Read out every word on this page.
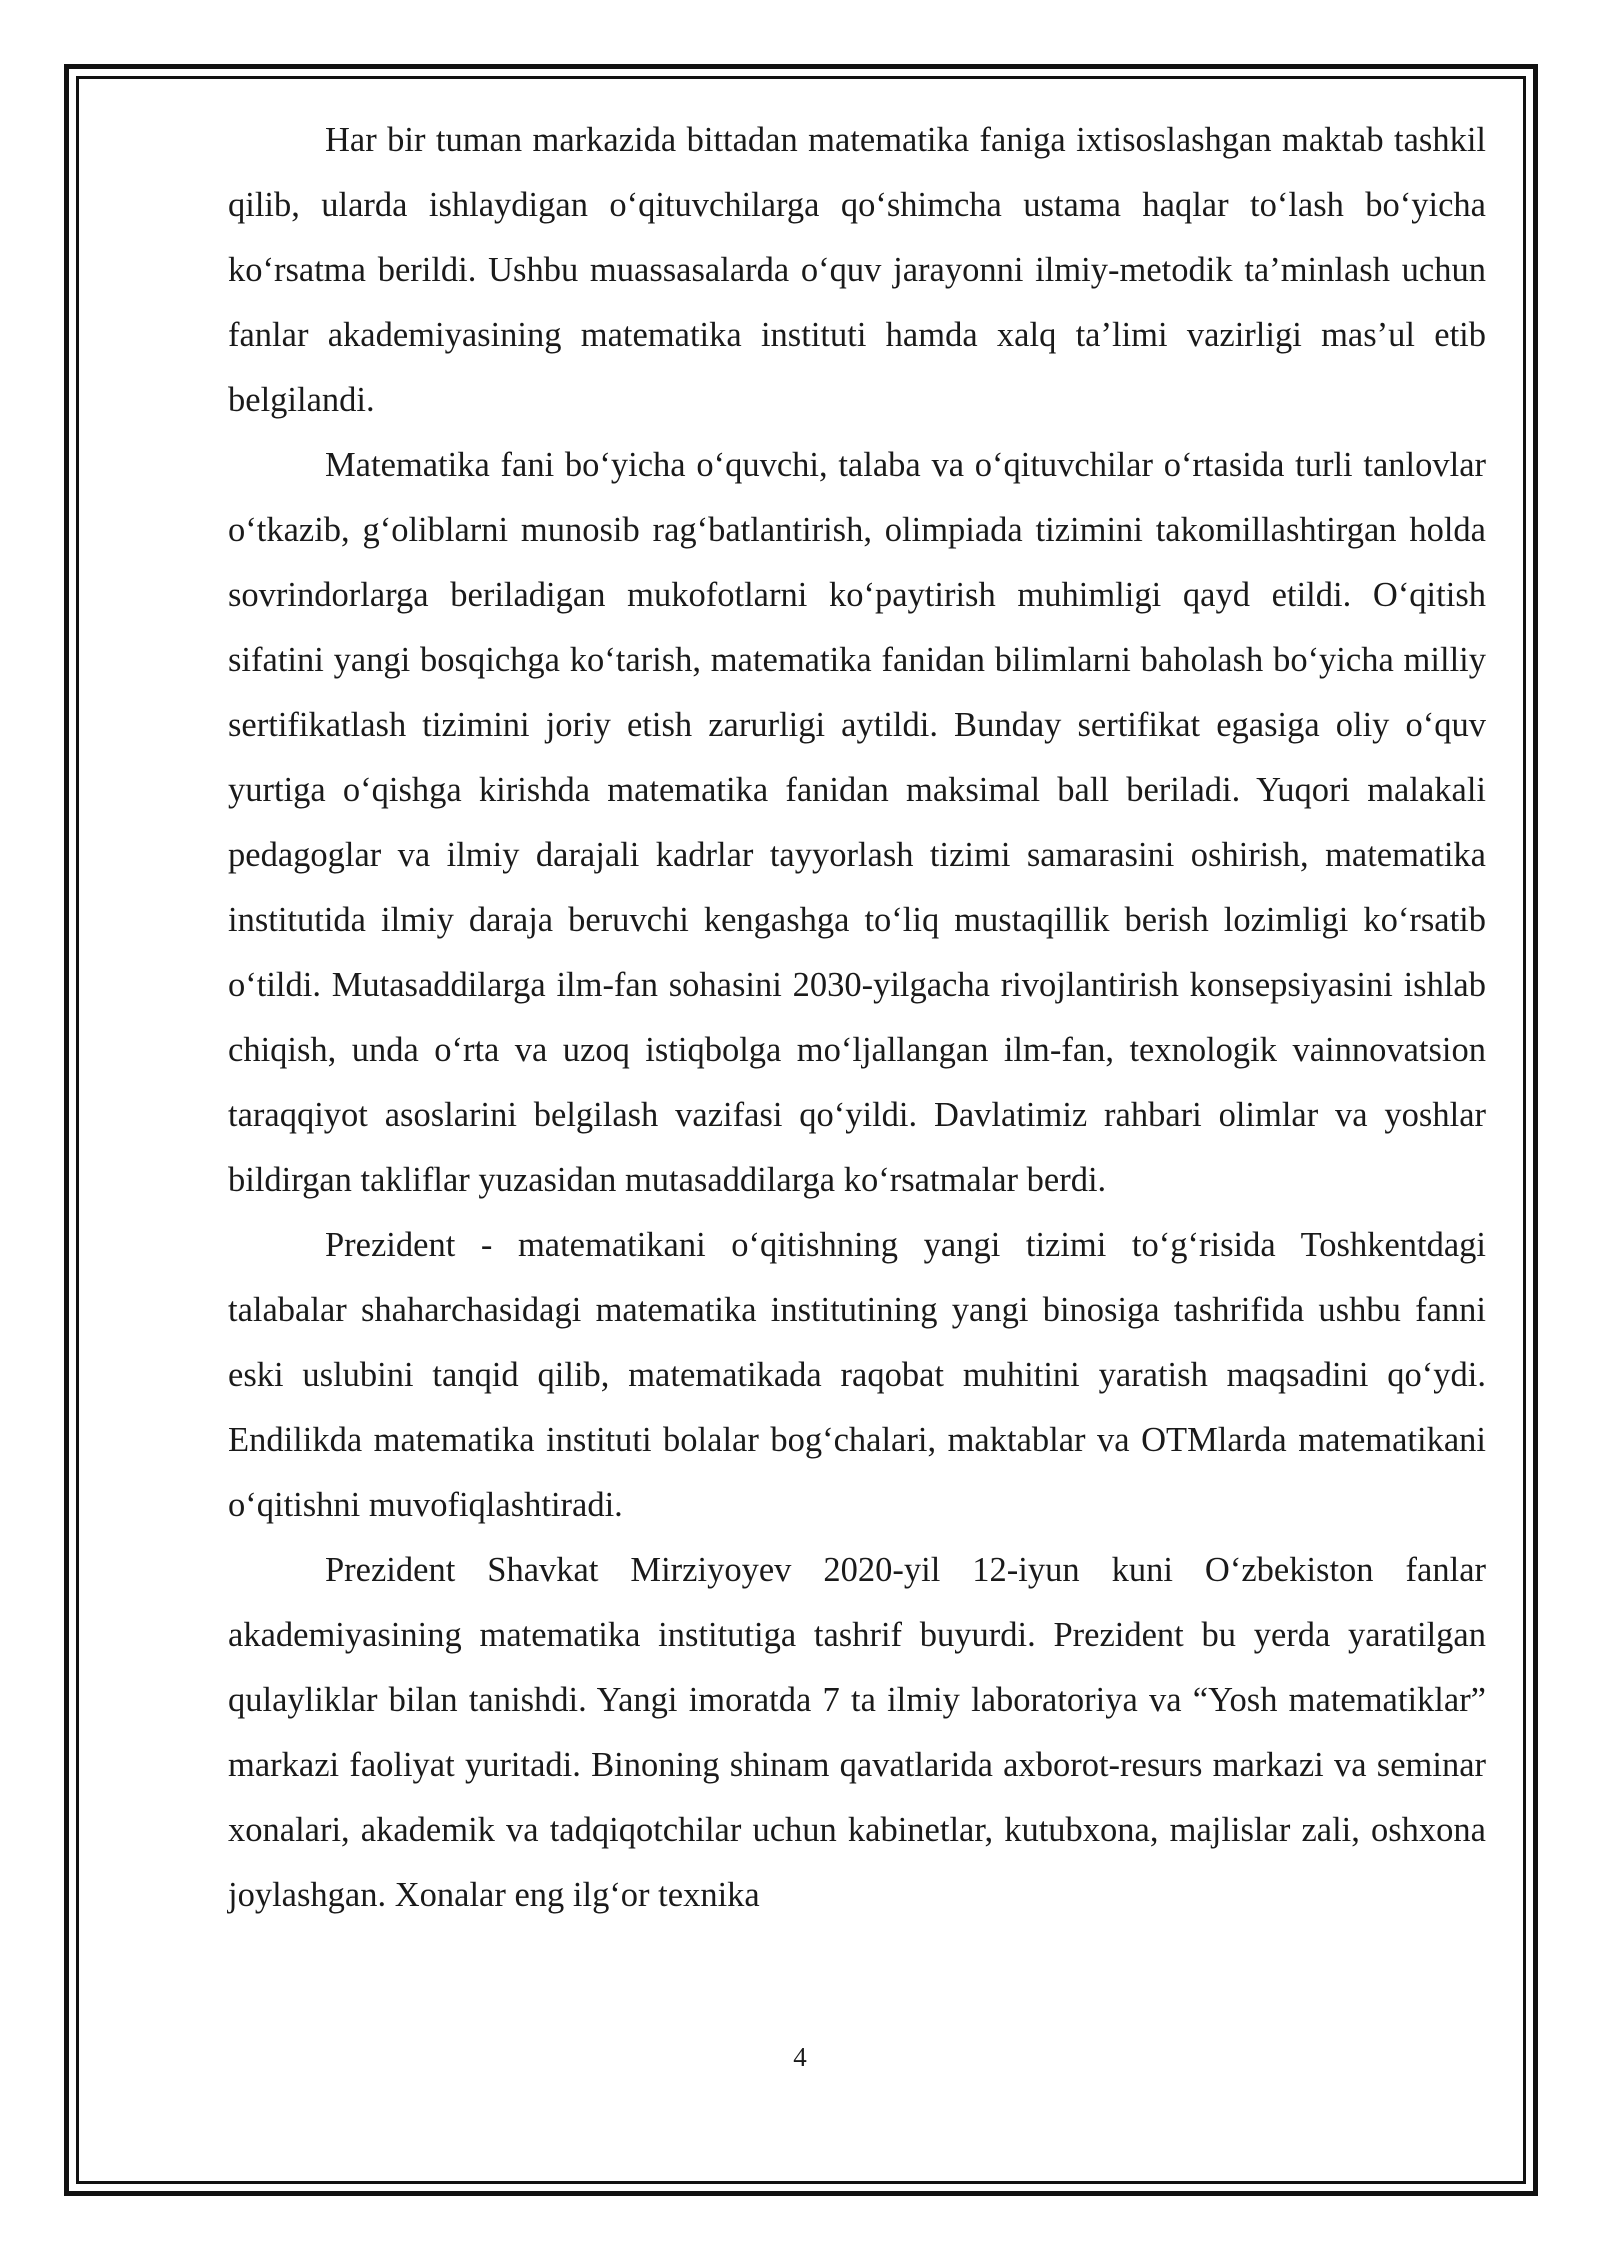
Har bir tuman markazida bittadan matematika faniga ixtisoslashgan maktab tashkil qilib, ularda ishlaydigan o‘qituvchilarga qo‘shimcha ustama haqlar to‘lash bo‘yicha ko‘rsatma berildi. Ushbu muassasalarda o‘quv jarayonni ilmiy-metodik ta’minlash uchun fanlar akademiyasining matematika instituti hamda xalq ta’limi vazirligi mas’ul etib belgilandi.

Matematika fani bo‘yicha o‘quvchi, talaba va o‘qituvchilar o‘rtasida turli tanlovlar o‘tkazib, g‘oliblarni munosib rag‘batlantirish, olimpiada tizimini takomillashtirgan holda sovrindorlarga beriladigan mukofotlarni ko‘paytirish muhimligi qayd etildi. O‘qitish sifatini yangi bosqichga ko‘tarish, matematika fanidan bilimlarni baholash bo‘yicha milliy sertifikatlash tizimini joriy etish zarurligi aytildi. Bunday sertifikat egasiga oliy o‘quv yurtiga o‘qishga kirishda matematika fanidan maksimal ball beriladi. Yuqori malakali pedagoglar va ilmiy darajali kadrlar tayyorlash tizimi samarasini oshirish, matematika institutida ilmiy daraja beruvchi kengashga to‘liq mustaqillik berish lozimligi ko‘rsatib o‘tildi. Mutasaddilarga ilm-fan sohasini 2030-yilgacha rivojlantirish konsepsiyasini ishlab chiqish, unda o‘rta va uzoq istiqbolga mo‘ljallangan ilm-fan, texnologik vainnovatsion taraqqiyot asoslarini belgilash vazifasi qo‘yildi. Davlatimiz rahbari olimlar va yoshlar bildirgan takliflar yuzasidan mutasaddilarga ko‘rsatmalar berdi.

Prezident - matematikani o‘qitishning yangi tizimi to‘g‘risida Toshkentdagi talabalar shaharchasidagi matematika institutining yangi binosiga tashrifida ushbu fanni eski uslubini tanqid qilib, matematikada raqobat muhitini yaratish maqsadini qo‘ydi. Endilikda matematika instituti bolalar bog‘chalari, maktablar va OTMlarda matematikani o‘qitishni muvofiqlashtiradi.

Prezident Shavkat Mirziyoyev 2020-yil 12-iyun kuni O‘zbekiston fanlar akademiyasining matematika institutiga tashrif buyurdi. Prezident bu yerda yaratilgan qulayliklar bilan tanishdi. Yangi imoratda 7 ta ilmiy laboratoriya va “Yosh matematiklar” markazi faoliyat yuritadi. Binoning shinam qavatlarida axborot-resurs markazi va seminar xonalari, akademik va tadqiqotchilar uchun kabinetlar, kutubxona, majlislar zali, oshxona joylashgan. Xonalar eng ilg‘or texnika

4
